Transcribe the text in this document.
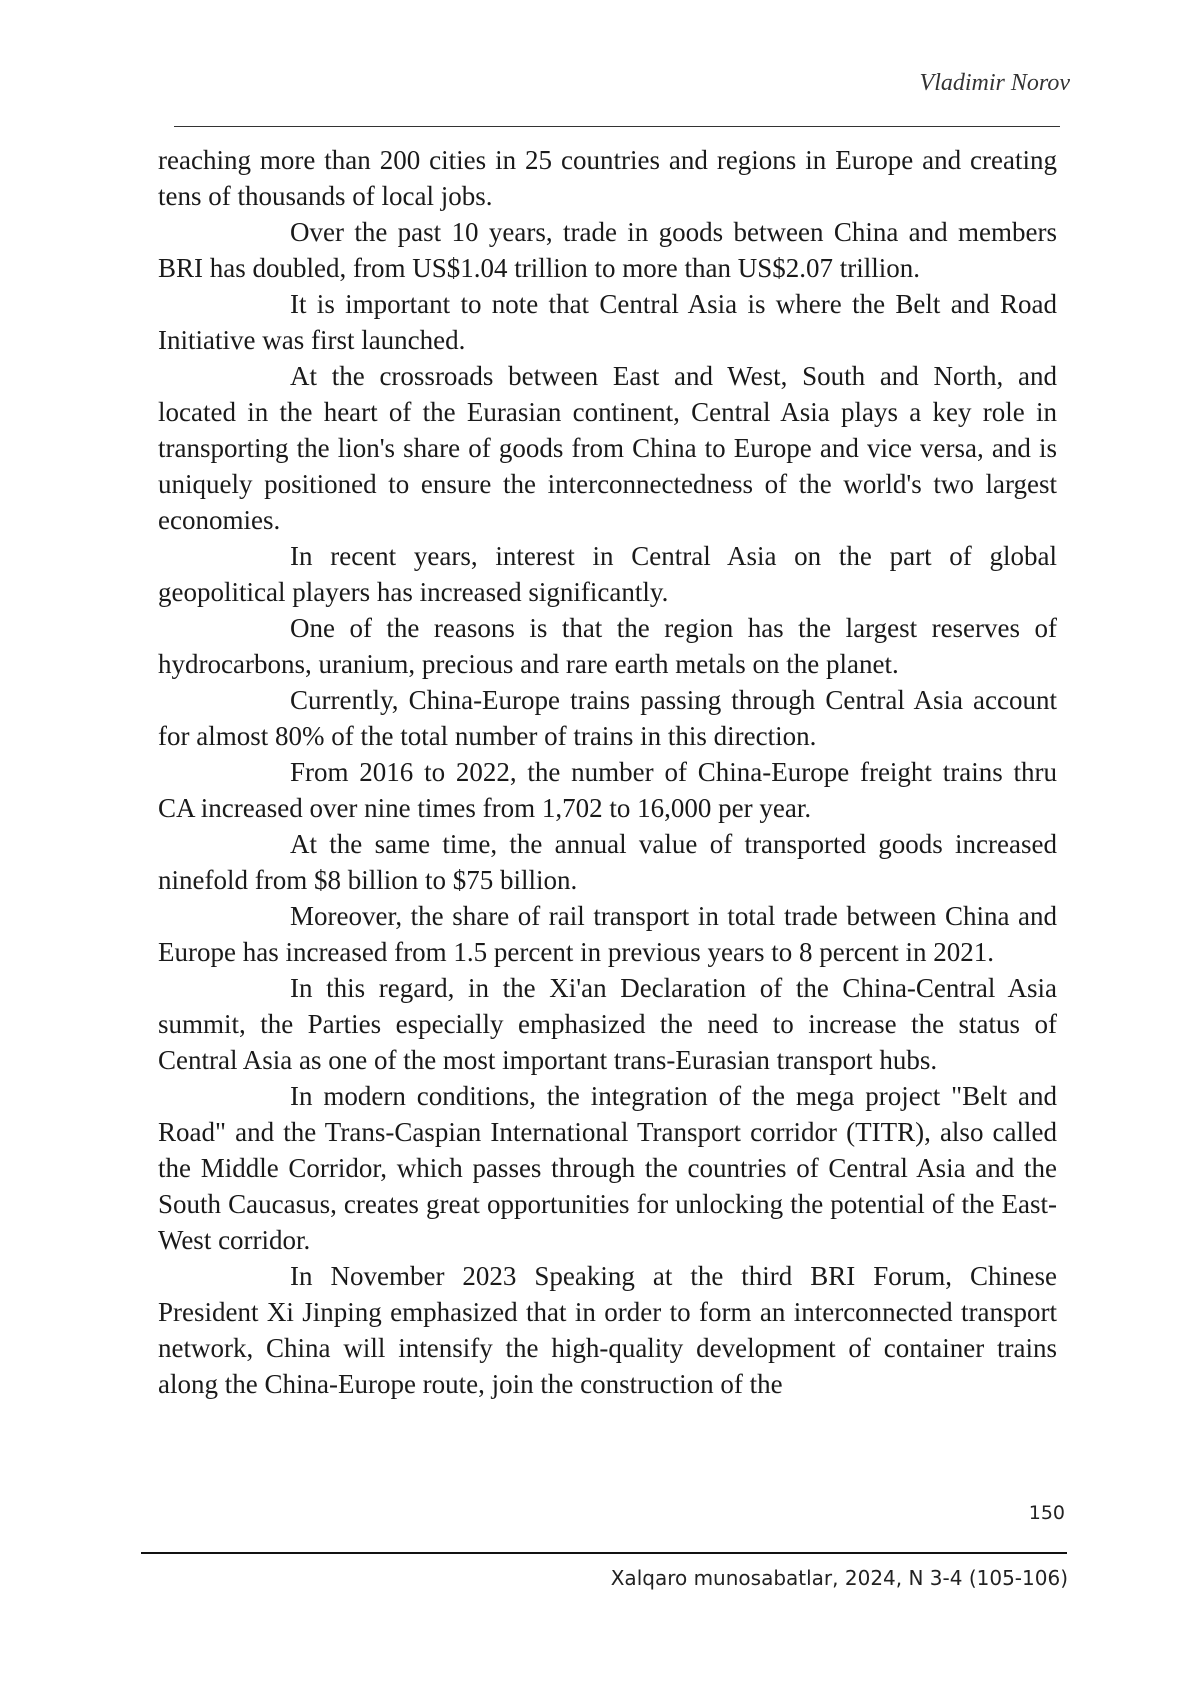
Vladimir Norov

reaching more than 200 cities in 25 countries and regions in Europe and creating tens of thousands of local jobs.

Over the past 10 years, trade in goods between China and members BRI has doubled, from US$1.04 trillion to more than US$2.07 trillion.

It is important to note that Central Asia is where the Belt and Road Initiative was first launched.

At the crossroads between East and West, South and North, and located in the heart of the Eurasian continent, Central Asia plays a key role in transporting the lion's share of goods from China to Europe and vice versa, and is uniquely positioned to ensure the interconnectedness of the world's two largest economies.

In recent years, interest in Central Asia on the part of global geopolitical players has increased significantly.

One of the reasons is that the region has the largest reserves of hydrocarbons, uranium, precious and rare earth metals on the planet.

Currently, China-Europe trains passing through Central Asia account for almost 80% of the total number of trains in this direction.

From 2016 to 2022, the number of China-Europe freight trains thru CA increased over nine times from 1,702 to 16,000 per year.

At the same time, the annual value of transported goods increased ninefold from $8 billion to $75 billion.

Moreover, the share of rail transport in total trade between China and Europe has increased from 1.5 percent in previous years to 8 percent in 2021.

In this regard, in the Xi'an Declaration of the China-Central Asia summit, the Parties especially emphasized the need to increase the status of Central Asia as one of the most important trans-Eurasian transport hubs.

In modern conditions, the integration of the mega project "Belt and Road" and the Trans-Caspian International Transport corridor (TITR), also called the Middle Corridor, which passes through the countries of Central Asia and the South Caucasus, creates great opportunities for unlocking the potential of the East-West corridor.

In November 2023 Speaking at the third BRI Forum, Chinese President Xi Jinping emphasized that in order to form an interconnected transport network, China will intensify the high-quality development of container trains along the China-Europe route, join the construction of the

150
Xalqaro munosabatlar, 2024, N 3-4 (105-106)
